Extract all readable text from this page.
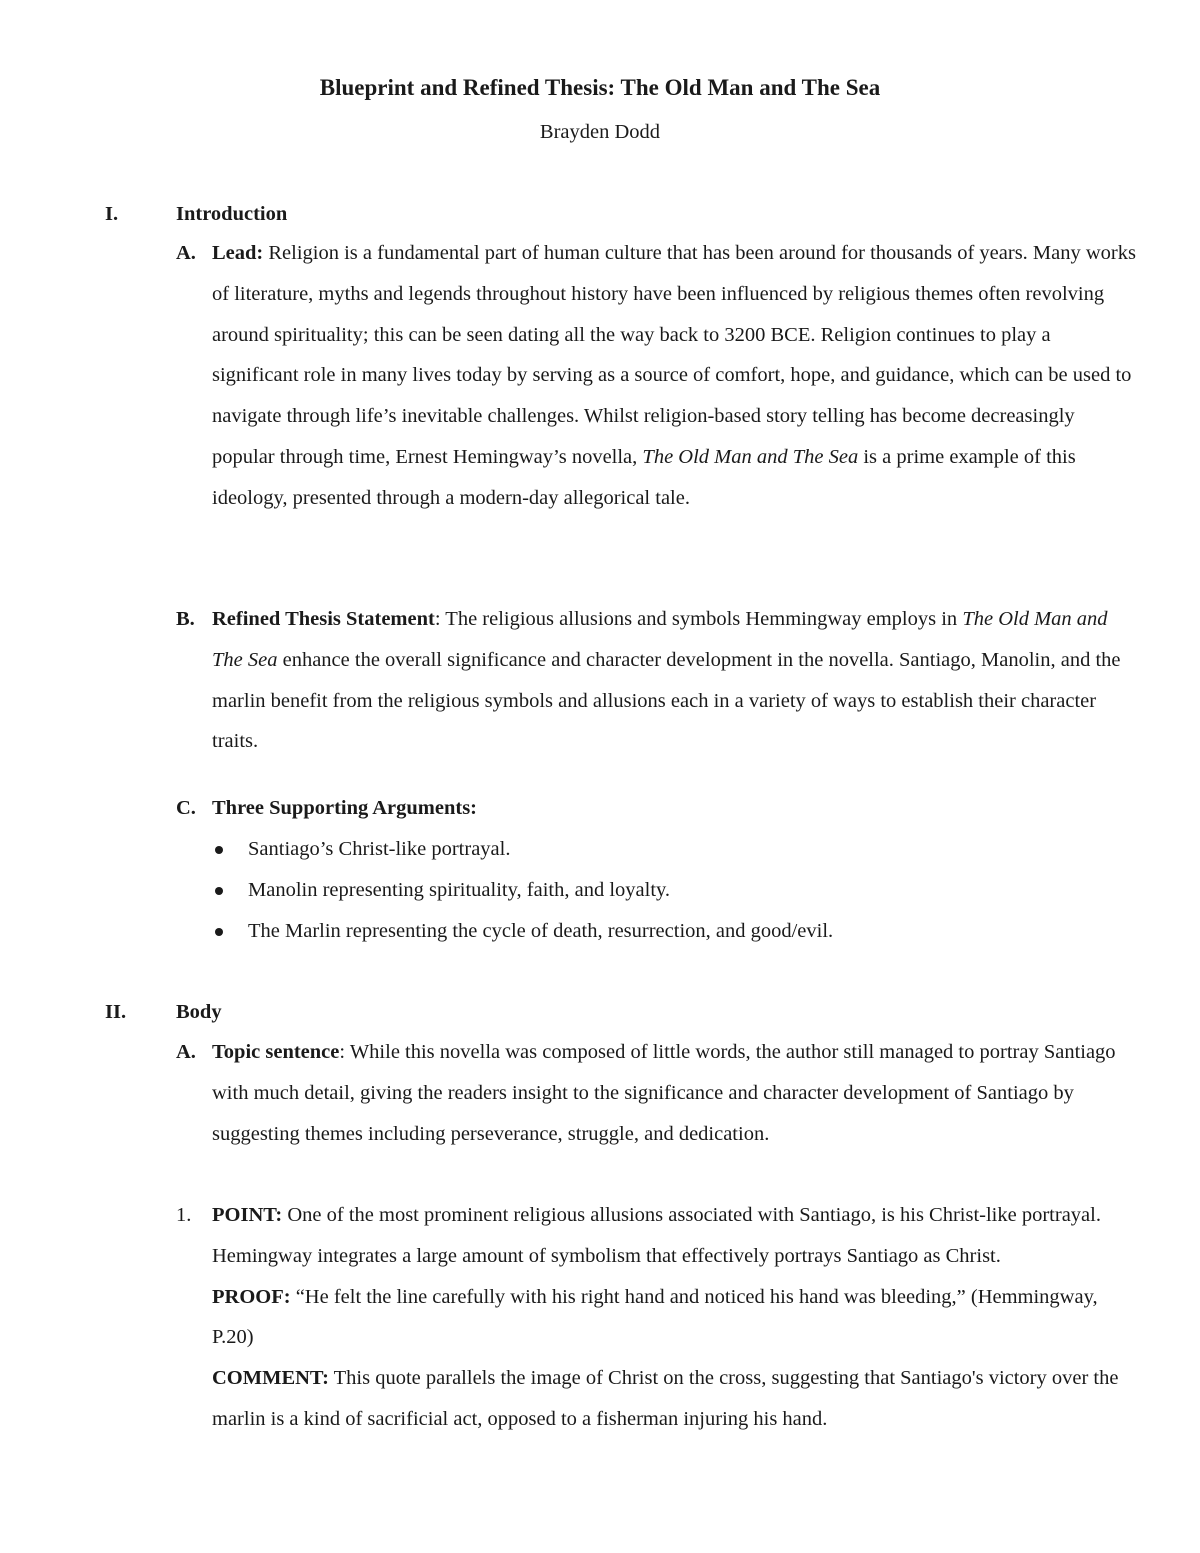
Blueprint and Refined Thesis: The Old Man and The Sea
Brayden Dodd
I.	Introduction
A. Lead: Religion is a fundamental part of human culture that has been around for thousands of years. Many works of literature, myths and legends throughout history have been influenced by religious themes often revolving around spirituality; this can be seen dating all the way back to 3200 BCE. Religion continues to play a significant role in many lives today by serving as a source of comfort, hope, and guidance, which can be used to navigate through life’s inevitable challenges. Whilst religion-based story telling has become decreasingly popular through time, Ernest Hemingway’s novella, The Old Man and The Sea is a prime example of this ideology, presented through a modern-day allegorical tale.
B. Refined Thesis Statement: The religious allusions and symbols Hemmingway employs in The Old Man and The Sea enhance the overall significance and character development in the novella. Santiago, Manolin, and the marlin benefit from the religious symbols and allusions each in a variety of ways to establish their character traits.
C. Three Supporting Arguments:
Santiago’s Christ-like portrayal.
Manolin representing spirituality, faith, and loyalty.
The Marlin representing the cycle of death, resurrection, and good/evil.
II. Body
A. Topic sentence: While this novella was composed of little words, the author still managed to portray Santiago with much detail, giving the readers insight to the significance and character development of Santiago by suggesting themes including perseverance, struggle, and dedication.
1. POINT: One of the most prominent religious allusions associated with Santiago, is his Christ-like portrayal. Hemingway integrates a large amount of symbolism that effectively portrays Santiago as Christ.
PROOF: “He felt the line carefully with his right hand and noticed his hand was bleeding,” (Hemmingway, P.20)
COMMENT: This quote parallels the image of Christ on the cross, suggesting that Santiago's victory over the marlin is a kind of sacrificial act, opposed to a fisherman injuring his hand.
